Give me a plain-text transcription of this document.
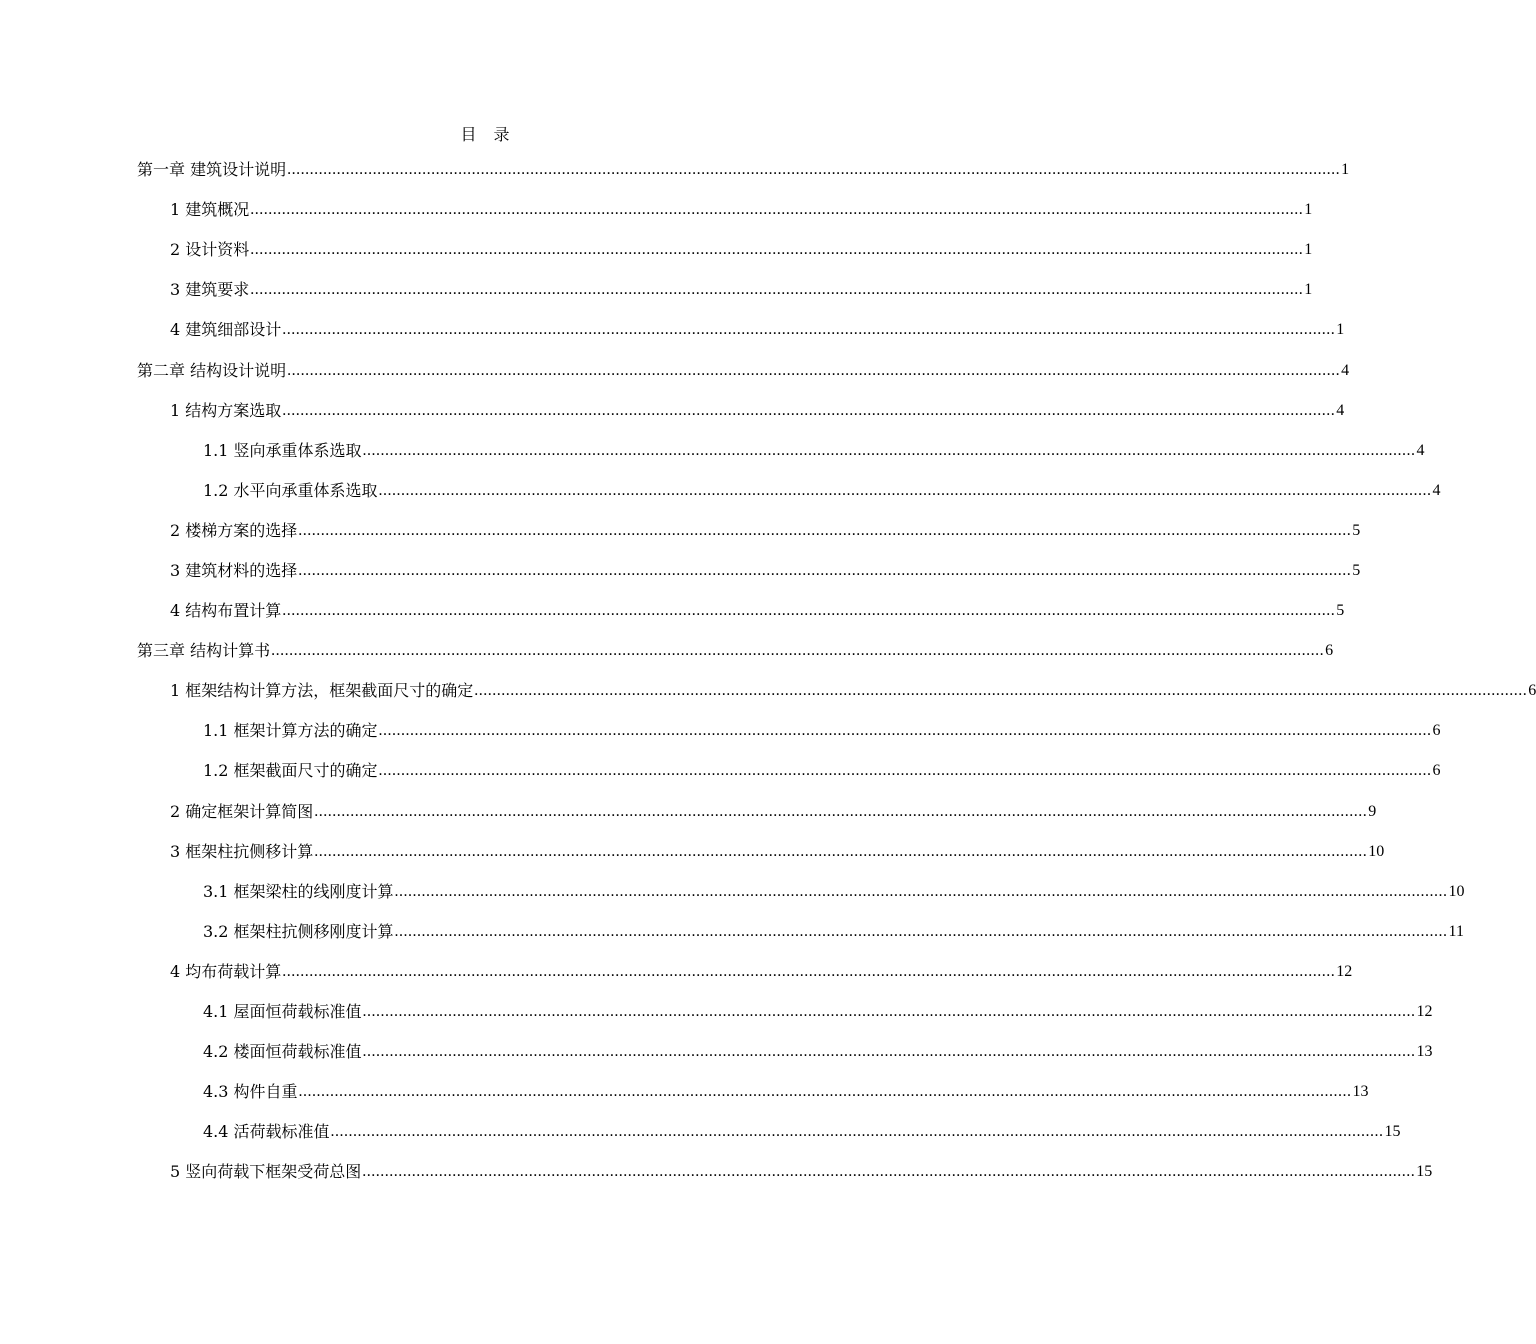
目 录
第一章 建筑设计说明 .......................................................................................................................................................................................................................................... 1
1 建筑概况 .......................................................................................................................................................................................................................................... 1
2 设计资料 .......................................................................................................................................................................................................................................... 1
3 建筑要求 .......................................................................................................................................................................................................................................... 1
4 建筑细部设计 .......................................................................................................................................................................................................................................... 1
第二章 结构设计说明 .......................................................................................................................................................................................................................................... 4
1 结构方案选取 .......................................................................................................................................................................................................................................... 4
1.1 竖向承重体系选取 .......................................................................................................................................................................................................................................... 4
1.2 水平向承重体系选取 .......................................................................................................................................................................................................................................... 4
2 楼梯方案的选择 .......................................................................................................................................................................................................................................... 5
3 建筑材料的选择 .......................................................................................................................................................................................................................................... 5
4 结构布置计算 .......................................................................................................................................................................................................................................... 5
第三章 结构计算书 .......................................................................................................................................................................................................................................... 6
1 框架结构计算方法，框架截面尺寸的确定 .......................................................................................................................................................................................................................................... 6
1.1 框架计算方法的确定 .......................................................................................................................................................................................................................................... 6
1.2 框架截面尺寸的确定 .......................................................................................................................................................................................................................................... 6
2 确定框架计算简图 .......................................................................................................................................................................................................................................... 9
3 框架柱抗侧移计算 .......................................................................................................................................................................................................................................... 10
3.1 框架梁柱的线刚度计算 .......................................................................................................................................................................................................................................... 10
3.2 框架柱抗侧移刚度计算 .......................................................................................................................................................................................................................................... 11
4 均布荷载计算 .......................................................................................................................................................................................................................................... 12
4.1 屋面恒荷载标准值 .......................................................................................................................................................................................................................................... 12
4.2 楼面恒荷载标准值 .......................................................................................................................................................................................................................................... 13
4.3 构件自重 .......................................................................................................................................................................................................................................... 13
4.4 活荷载标准值 .......................................................................................................................................................................................................................................... 15
5 竖向荷载下框架受荷总图 .......................................................................................................................................................................................................................................... 15
